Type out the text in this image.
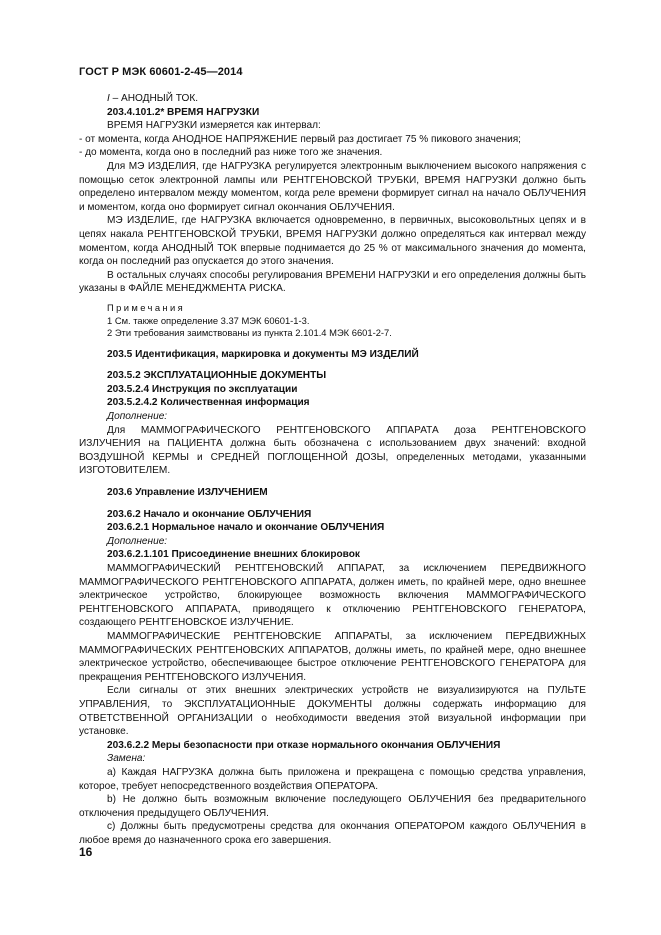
ГОСТ Р МЭК 60601-2-45—2014

I – АНОДНЫЙ ТОК.

203.4.101.2* ВРЕМЯ НАГРУЗКИ

ВРЕМЯ НАГРУЗКИ измеряется как интервал:

- от момента, когда АНОДНОЕ НАПРЯЖЕНИЕ первый раз достигает 75 % пикового значения;

- до момента, когда оно в последний раз ниже того же значения.

Для МЭ ИЗДЕЛИЯ, где НАГРУЗКА регулируется электронным выключением высокого напряжения с помощью сеток электронной лампы или РЕНТГЕНОВСКОЙ ТРУБКИ, ВРЕМЯ НАГРУЗКИ должно быть определено интервалом между моментом, когда реле времени формирует сигнал на начало ОБЛУЧЕНИЯ и моментом, когда оно формирует сигнал окончания ОБЛУЧЕНИЯ.

МЭ ИЗДЕЛИЕ, где НАГРУЗКА включается одновременно, в первичных, высоковольтных цепях и в цепях накала РЕНТГЕНОВСКОЙ ТРУБКИ, ВРЕМЯ НАГРУЗКИ должно определяться как интервал между моментом, когда АНОДНЫЙ ТОК впервые поднимается до 25 % от максимального значения до момента, когда он последний раз опускается до этого значения.

В остальных случаях способы регулирования ВРЕМЕНИ НАГРУЗКИ и его определения должны быть указаны в ФАЙЛЕ МЕНЕДЖМЕНТА РИСКА.

Примечания

1 См. также определение 3.37 МЭК 60601-1-3.

2 Эти требования заимствованы из пункта 2.101.4 МЭК 6601-2-7.

203.5 Идентификация, маркировка и документы МЭ ИЗДЕЛИЙ

203.5.2 ЭКСПЛУАТАЦИОННЫЕ ДОКУМЕНТЫ

203.5.2.4 Инструкция по эксплуатации

203.5.2.4.2 Количественная информация

Дополнение:

Для МАММОГРАФИЧЕСКОГО РЕНТГЕНОВСКОГО АППАРАТА доза РЕНТГЕНОВСКОГО ИЗЛУЧЕНИЯ на ПАЦИЕНТА должна быть обозначена с использованием двух значений: входной ВОЗДУШНОЙ КЕРМЫ и СРЕДНЕЙ ПОГЛОЩЕННОЙ ДОЗЫ, определенных методами, указанными ИЗГОТОВИТЕЛЕМ.

203.6 Управление ИЗЛУЧЕНИЕМ

203.6.2 Начало и окончание ОБЛУЧЕНИЯ

203.6.2.1 Нормальное начало и окончание ОБЛУЧЕНИЯ

Дополнение:

203.6.2.1.101 Присоединение внешних блокировок

МАММОГРАФИЧЕСКИЙ РЕНТГЕНОВСКИЙ АППАРАТ, за исключением ПЕРЕДВИЖНОГО МАММОГРАФИЧЕСКОГО РЕНТГЕНОВСКОГО АППАРАТА, должен иметь, по крайней мере, одно внешнее электрическое устройство, блокирующее возможность включения МАММОГРАФИЧЕСКОГО РЕНТГЕНОВСКОГО АППАРАТА, приводящего к отключению РЕНТГЕНОВСКОГО ГЕНЕРАТОРА, создающего РЕНТГЕНОВСКОЕ ИЗЛУЧЕНИЕ.

МАММОГРАФИЧЕСКИЕ РЕНТГЕНОВСКИЕ АППАРАТЫ, за исключением ПЕРЕДВИЖНЫХ МАММОГРАФИЧЕСКИХ РЕНТГЕНОВСКИХ АППАРАТОВ, должны иметь, по крайней мере, одно внешнее электрическое устройство, обеспечивающее быстрое отключение РЕНТГЕНОВСКОГО ГЕНЕРАТОРА для прекращения РЕНТГЕНОВСКОГО ИЗЛУЧЕНИЯ.

Если сигналы от этих внешних электрических устройств не визуализируются на ПУЛЬТЕ УПРАВЛЕНИЯ, то ЭКСПЛУАТАЦИОННЫЕ ДОКУМЕНТЫ должны содержать информацию для ОТВЕТСТВЕННОЙ ОРГАНИЗАЦИИ о необходимости введения этой визуальной информации при установке.

203.6.2.2 Меры безопасности при отказе нормального окончания ОБЛУЧЕНИЯ

Замена:

а) Каждая НАГРУЗКА должна быть приложена и прекращена с помощью средства управления, которое, требует непосредственного воздействия ОПЕРАТОРА.

b) Не должно быть возможным включение последующего ОБЛУЧЕНИЯ без предварительного отключения предыдущего ОБЛУЧЕНИЯ.

с) Должны быть предусмотрены средства для окончания ОПЕРАТОРОМ каждого ОБЛУЧЕНИЯ в любое время до назначенного срока его завершения.

16
